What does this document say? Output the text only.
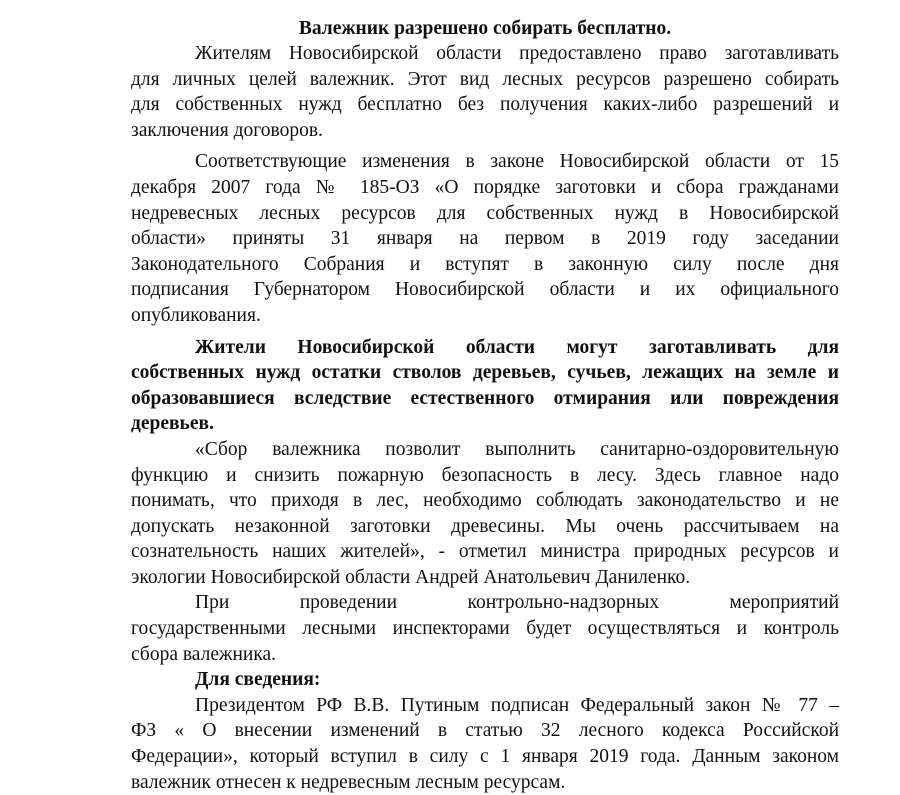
Валежник разрешено собирать бесплатно.
Жителям Новосибирской области предоставлено право заготавливать
для личных целей валежник. Этот вид лесных ресурсов разрешено собирать
для собственных нужд бесплатно без получения каких-либо разрешений и
заключения договоров.
Соответствующие изменения в законе Новосибирской области от 15
декабря 2007 года № 185-ОЗ «О порядке заготовки и сбора гражданами
недревесных лесных ресурсов для собственных нужд в Новосибирской
области» приняты 31 января на первом в 2019 году заседании
Законодательного Собрания и вступят в законную силу после дня
подписания Губернатором Новосибирской области и их официального
опубликования.
Жители Новосибирской области могут заготавливать для
собственных нужд остатки стволов деревьев, сучьев, лежащих на земле и
образовавшиеся вследствие естественного отмирания или повреждения
деревьев.
«Сбор валежника позволит выполнить санитарно-оздоровительную
функцию и снизить пожарную безопасность в лесу. Здесь главное надо
понимать, что приходя в лес, необходимо соблюдать законодательство и не
допускать незаконной заготовки древесины. Мы очень рассчитываем на
сознательность наших жителей», - отметил министра природных ресурсов и
экологии Новосибирской области Андрей Анатольевич Даниленко.
При проведении контрольно-надзорных мероприятий
государственными лесными инспекторами будет осуществляться и контроль
сбора валежника.
Для сведения:
Президентом РФ В.В. Путиным подписан Федеральный закон № 77 –
ФЗ « О внесении изменений в статью 32 лесного кодекса Российской
Федерации», который вступил в силу с 1 января 2019 года. Данным законом
валежник отнесен к недревесным лесным ресурсам.
